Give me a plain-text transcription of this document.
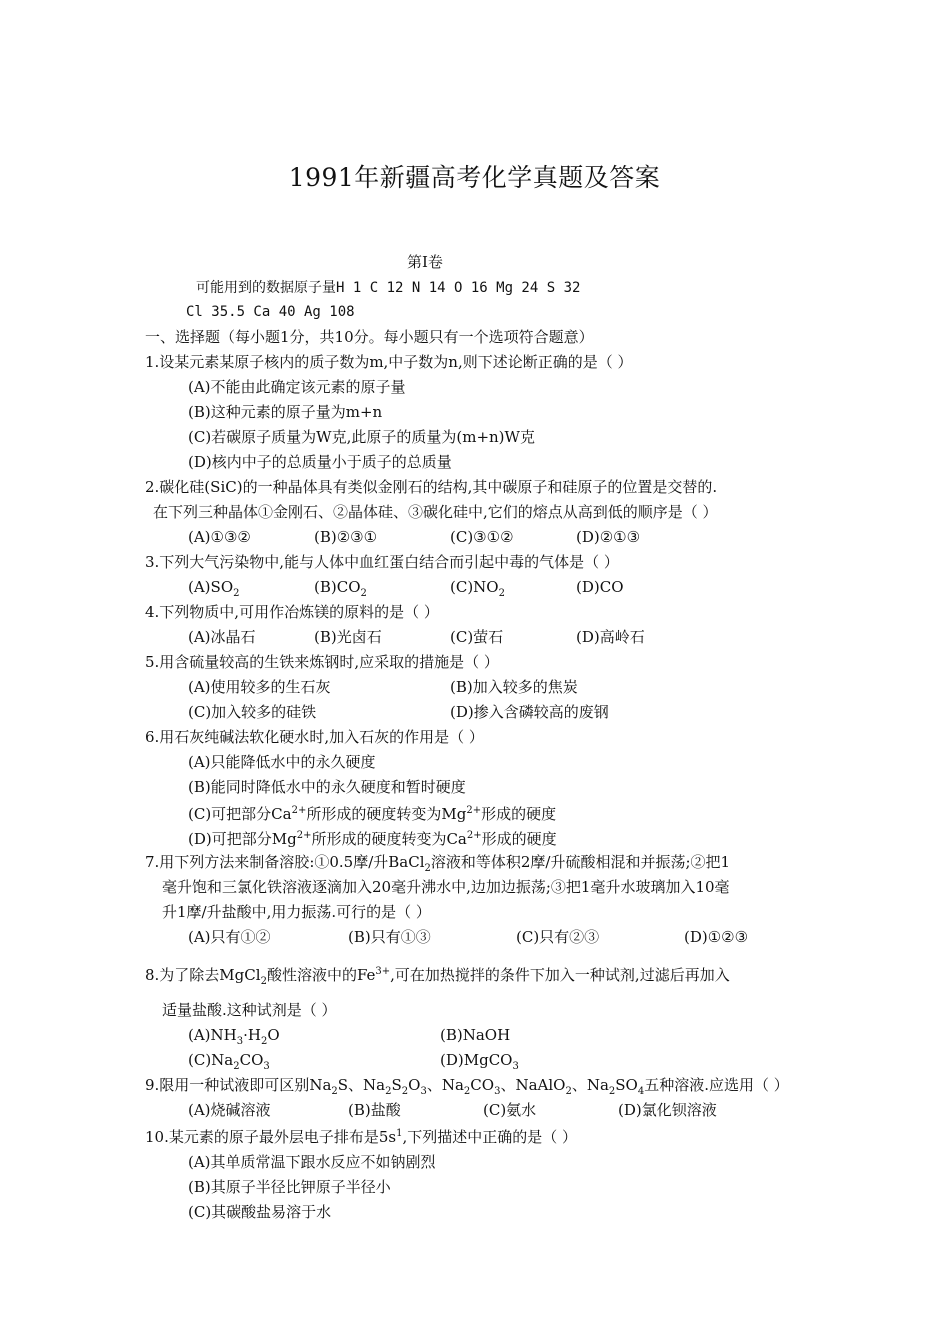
1991年新疆高考化学真题及答案
第Ⅰ卷
可能用到的数据原子量H 1 C 12 N 14 O 16 Mg 24 S 32
Cl 35.5 Ca 40 Ag 108
一、选择题（每小题1分，共10分。每小题只有一个选项符合题意）
1.设某元素某原子核内的质子数为m,中子数为n,则下述论断正确的是（ ）
(A)不能由此确定该元素的原子量
(B)这种元素的原子量为m+n
(C)若碳原子质量为W克,此原子的质量为(m+n)W克
(D)核内中子的总质量小于质子的总质量
2.碳化硅(SiC)的一种晶体具有类似金刚石的结构,其中碳原子和硅原子的位置是交替的.
在下列三种晶体①金刚石、②晶体硅、③碳化硅中,它们的熔点从高到低的顺序是（ ）
(A)①③②	(B)②③①	(C)③①②	(D)②①③
3.下列大气污染物中,能与人体中血红蛋白结合而引起中毒的气体是（ ）
$(A)SO_2$	$(B)CO_2$	$(C)NO_2$	(D)CO
4.下列物质中,可用作冶炼镁的原料的是（ ）
(A)冰晶石	(B)光卤石	(C)萤石	(D)高岭石
5.用含硫量较高的生铁来炼钢时,应采取的措施是（ ）
(A)使用较多的生石灰	(B)加入较多的焦炭
(C)加入较多的硅铁	(D)掺入含磷较高的废钢
6.用石灰纯碱法软化硬水时,加入石灰的作用是（ ）
(A)只能降低水中的永久硬度
(B)能同时降低水中的永久硬度和暂时硬度
(C)可把部分$Ca^{2+}$所形成的硬度转变为$Mg^{2+}$形成的硬度
(D)可把部分$Mg^{2+}$所形成的硬度转变为$Ca^{2+}$形成的硬度
7.用下列方法来制备溶胶:①0.5摩/升BaCl$_2$溶液和等体积2摩/升硫酸相混和并振荡;②把1
毫升饱和三氯化铁溶液逐滴加入20毫升沸水中,边加边振荡;③把1毫升水玻璃加入10毫
升1摩/升盐酸中,用力振荡.可行的是（ ）
(A)只有①②	(B)只有①③	(C)只有②③	(D)①②③
8.为了除去MgCl$_2$酸性溶液中的$Fe^{3+}$,可在加热搅拌的条件下加入一种试剂,过滤后再加入
适量盐酸.这种试剂是（ ）
$(A)NH_3\cdot H_2O$	(B)NaOH
$(C)Na_2CO_3$	(D)MgCO$_3$
9.限用一种试液即可区别$Na_2S$、$Na_2S_2O_3$、$Na_2CO_3$、NaAlO$_2$、$Na_2SO_4$五种溶液.应选用（ ）
(A)烧碱溶液	(B)盐酸	(C)氨水	(D)氯化钡溶液
10.某元素的原子最外层电子排布是$5s^1$,下列描述中正确的是（ ）
(A)其单质常温下跟水反应不如钠剧烈
(B)其原子半径比钾原子半径小
(C)其碳酸盐易溶于水
